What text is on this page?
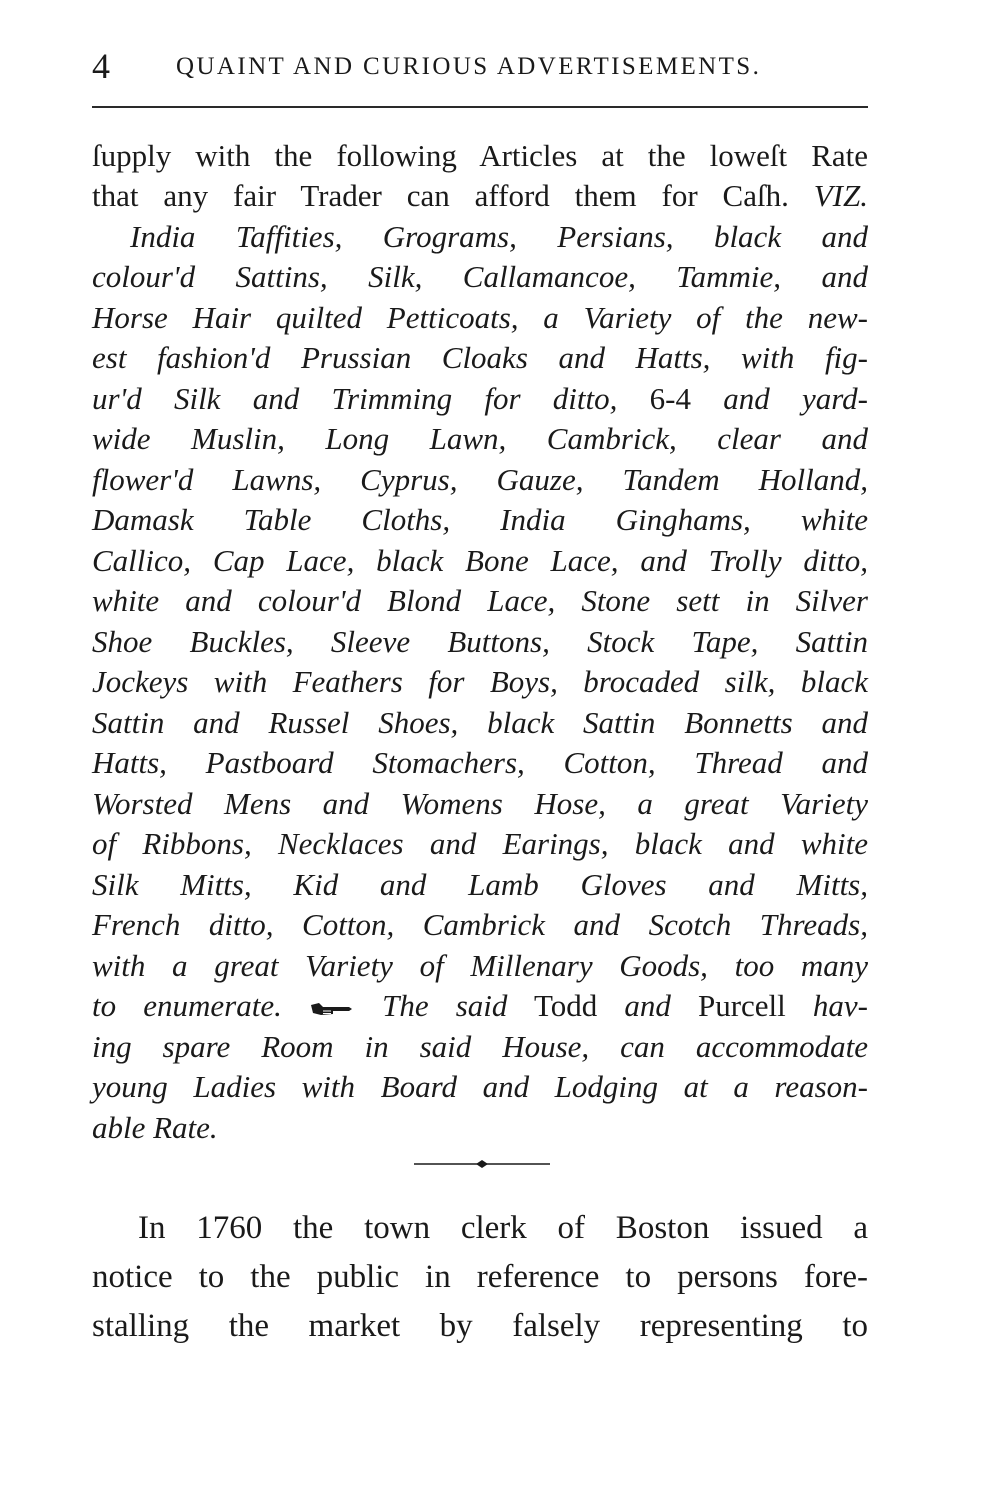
4	QUAINT AND CURIOUS ADVERTISEMENTS.
ſupply with the following Articles at the loweſt Rate
that any fair Trader can afford them for Caſh. VIZ.
India Taffities, Grograms, Persians, black and
colour'd Sattins, Silk, Callamancoe, Tammie, and
Horse Hair quilted Petticoats, a Variety of the new-
est fashion'd Prussian Cloaks and Hatts, with fig-
ur'd Silk and Trimming for ditto, 6-4 and yard-
wide Muslin, Long Lawn, Cambrick, clear and
flower'd Lawns, Cyprus, Gauze, Tandem Holland,
Damask Table Cloths, India Ginghams, white
Callico, Cap Lace, black Bone Lace, and Trolly ditto,
white and colour'd Blond Lace, Stone sett in Silver
Shoe Buckles, Sleeve Buttons, Stock Tape, Sattin
Jockeys with Feathers for Boys, brocaded silk, black
Sattin and Russel Shoes, black Sattin Bonnetts and
Hatts, Pastboard Stomachers, Cotton, Thread and
Worsted Mens and Womens Hose, a great Variety
of Ribbons, Necklaces and Earings, black and white
Silk Mitts, Kid and Lamb Gloves and Mitts,
French ditto, Cotton, Cambrick and Scotch Threads,
with a great Variety of Millenary Goods, too many
to enumerate.	The said Todd and Purcell hav-
ing spare Room in said House, can accommodate
young Ladies with Board and Lodging at a reason-
able Rate.
In 1760 the town clerk of Boston issued a
notice to the public in reference to persons fore-
stalling the market by falsely representing to
